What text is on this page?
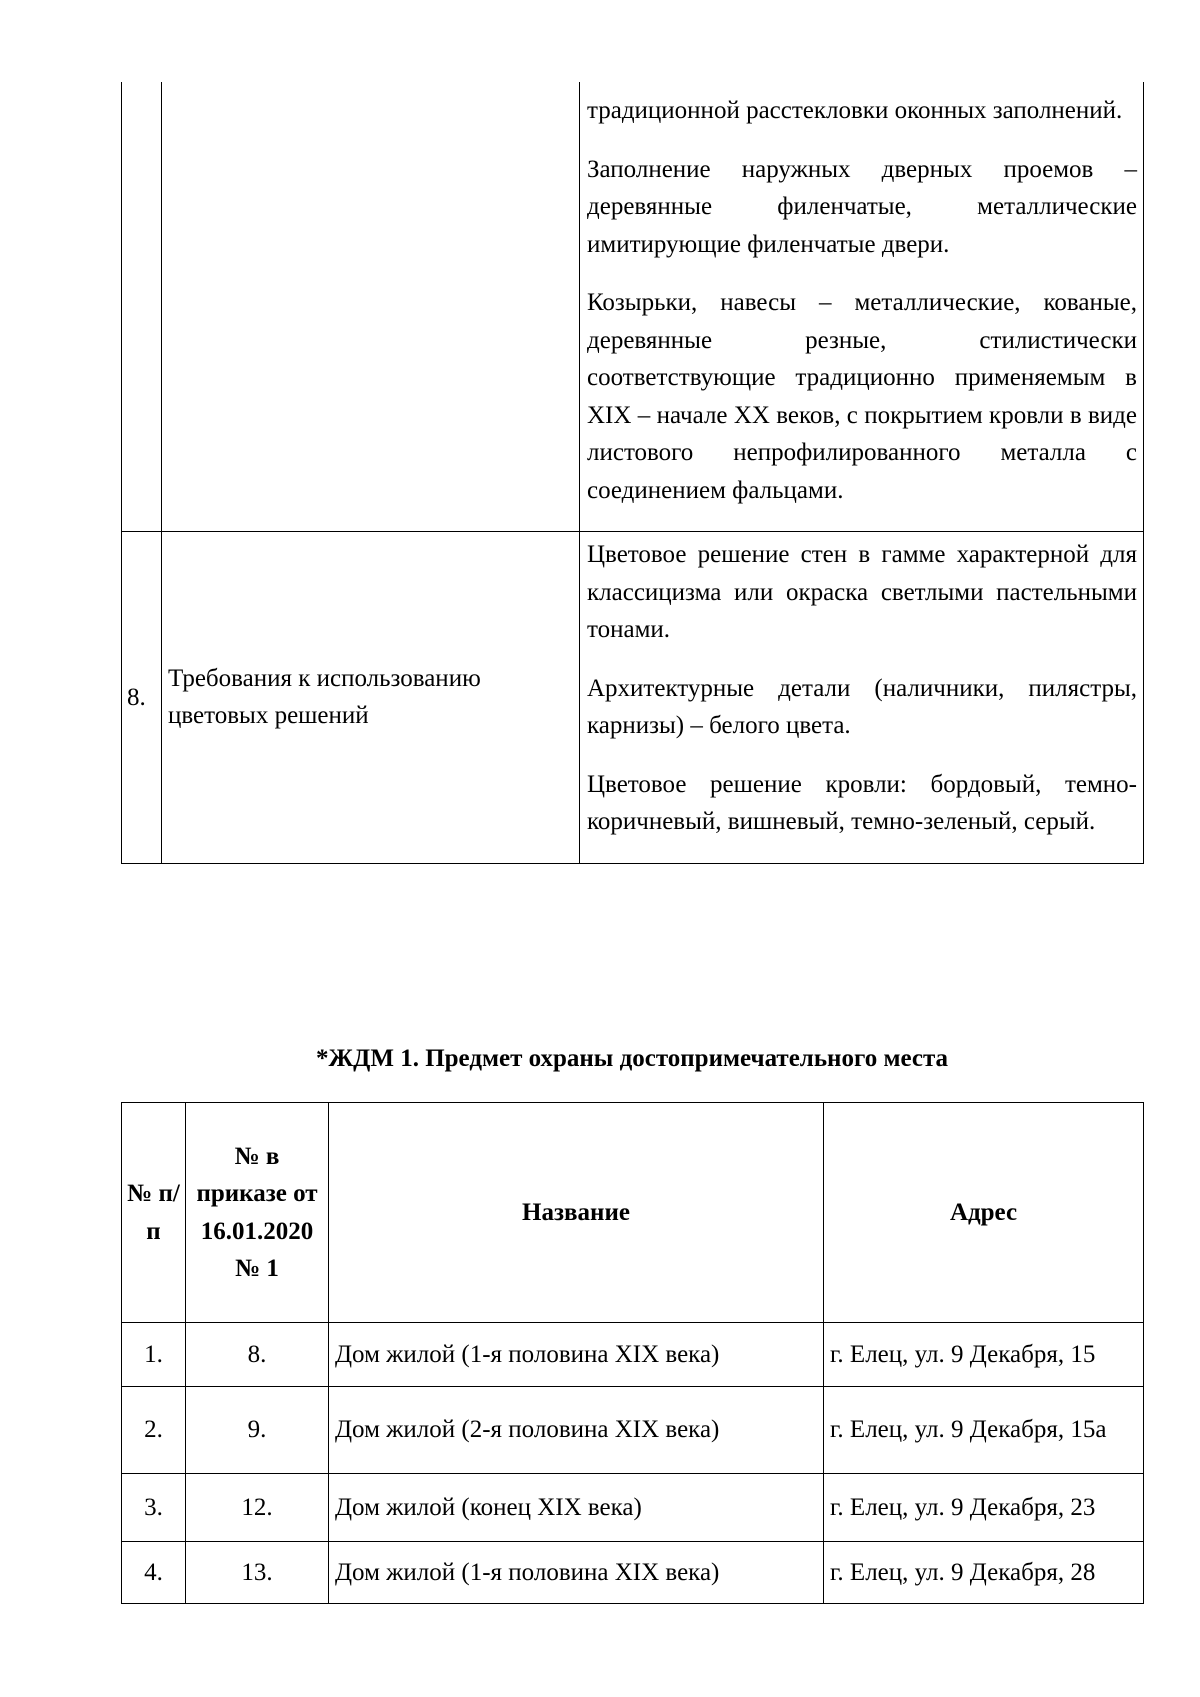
		традиционной расстекловки оконных заполнений.

Заполнение наружных дверных проемов – деревянные филенчатые, металлические имитирующие филенчатые двери.

Козырьки, навесы – металлические, кованые, деревянные резные, стилистически соответствующие традиционно применяемым в XIX – начале XX веков, с покрытием кровли в виде листового непрофилированного металла с соединением фальцами.

8.	Требования к использованию цветовых решений	Цветовое решение стен в гамме характерной для классицизма или окраска светлыми пастельными тонами.

Архитектурные детали (наличники, пилястры, карнизы) – белого цвета.

Цветовое решение кровли: бордовый, темно-коричневый, вишневый, темно-зеленый, серый.

*ЖДМ 1. Предмет охраны достопримечательного места
№ п/п	№ в приказе от 16.01.2020 № 1	Название	Адрес
1.	8.	Дом жилой (1-я половина XIX века)	г. Елец, ул. 9 Декабря, 15
2.	9.	Дом жилой (2-я половина XIX века)	г. Елец, ул. 9 Декабря, 15а
3.	12.	Дом жилой (конец XIX века)	г. Елец, ул. 9 Декабря, 23
4.	13.	Дом жилой (1-я половина XIX века)	г. Елец, ул. 9 Декабря, 28
